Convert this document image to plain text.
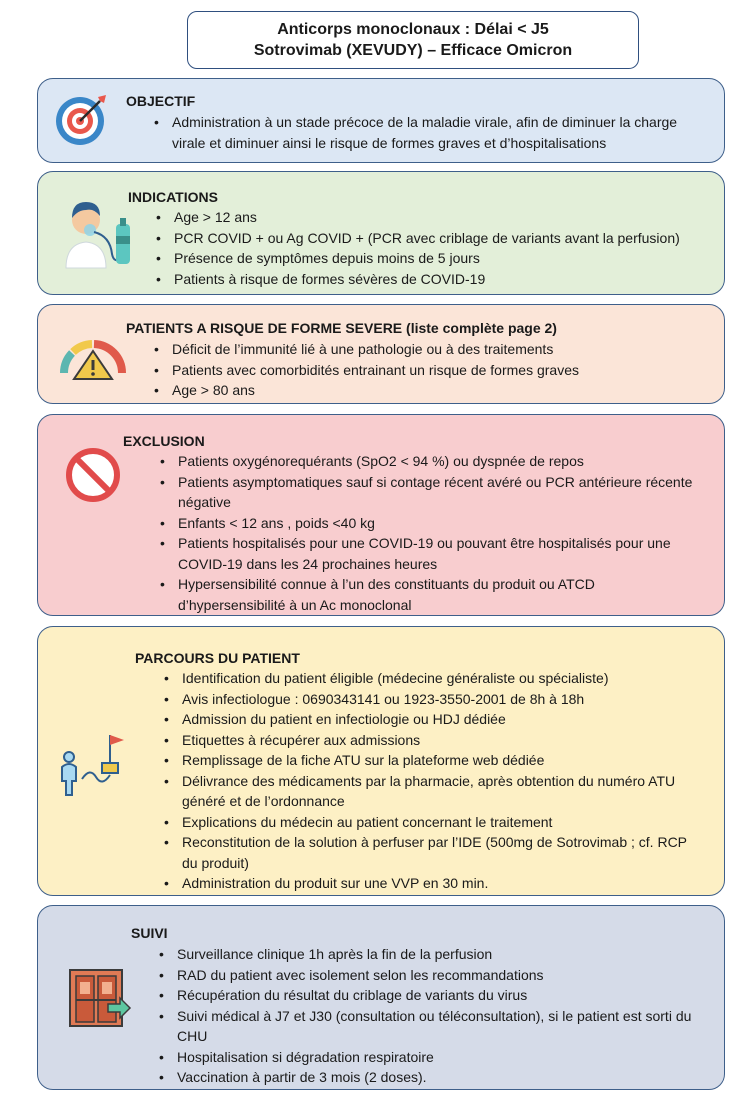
Anticorps monoclonaux : Délai < J5
Sotrovimab (XEVUDY) – Efficace Omicron
OBJECTIF
• Administration à un stade précoce de la maladie virale, afin de diminuer la charge virale et diminuer ainsi le risque de formes graves et d’hospitalisations
INDICATIONS
• Age > 12 ans
• PCR COVID + ou Ag COVID + (PCR avec criblage de variants avant la perfusion)
• Présence de symptômes depuis moins de 5 jours
• Patients à risque de formes sévères de COVID-19
PATIENTS A RISQUE DE FORME SEVERE (liste complète page 2)
• Déficit de l’immunité lié à une pathologie ou à des traitements
• Patients avec comorbidités entrainant un risque de formes graves
• Age > 80 ans
EXCLUSION
• Patients oxygénorequérants (SpO2 < 94 %) ou dyspnée de repos
• Patients asymptomatiques sauf si contage récent avéré ou PCR antérieure récente négative
• Enfants < 12 ans , poids <40 kg
• Patients hospitalisés pour une COVID-19 ou pouvant être hospitalisés pour une COVID-19 dans les 24 prochaines heures
• Hypersensibilité connue à l’un des constituants du produit ou ATCD d’hypersensibilité à un Ac monoclonal
PARCOURS DU PATIENT
• Identification du patient éligible (médecine généraliste ou spécialiste)
• Avis infectiologue : 0690343141 ou 1923-3550-2001 de 8h à 18h
• Admission du patient en infectiologie ou HDJ dédiée
• Etiquettes à récupérer aux admissions
• Remplissage de la fiche ATU sur la plateforme web dédiée
• Délivrance des médicaments par la pharmacie, après obtention du numéro ATU généré et de l’ordonnance
• Explications du médecin au patient concernant le traitement
• Reconstitution de la solution à perfuser par l’IDE (500mg de Sotrovimab ; cf. RCP du produit)
• Administration du produit sur une VVP en 30 min.
SUIVI
• Surveillance clinique 1h après la fin de la perfusion
• RAD du patient avec isolement selon les recommandations
• Récupération du résultat du criblage de variants du virus
• Suivi médical à J7 et J30 (consultation ou téléconsultation), si le patient est sorti du CHU
• Hospitalisation si dégradation respiratoire
• Vaccination à partir de 3 mois (2 doses).
